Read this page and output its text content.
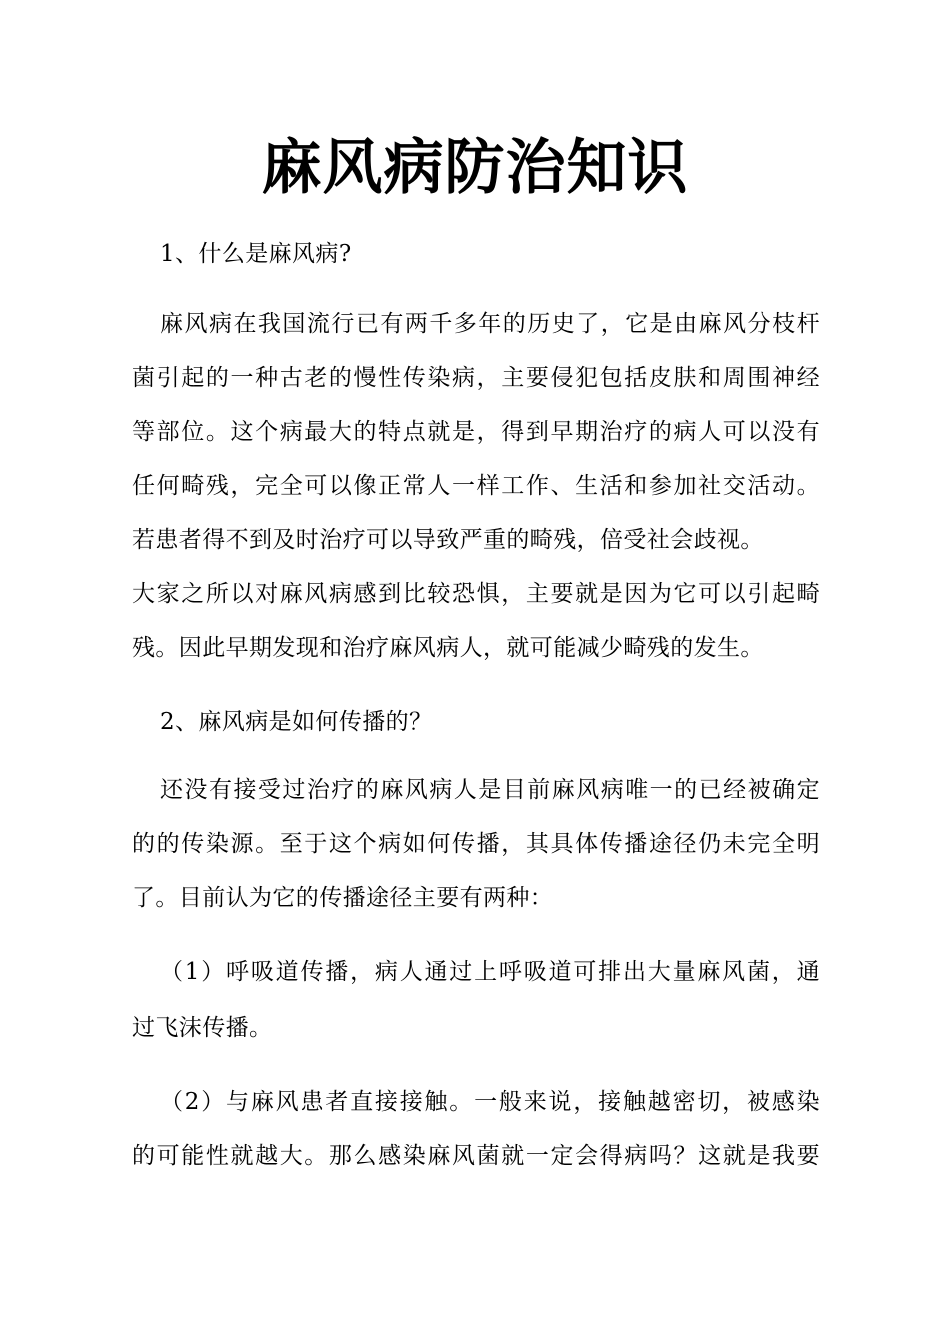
麻风病防治知识
1、什么是麻风病?
麻风病在我国流行已有两千多年的历史了，它是由麻风分枝杆
菌引起的一种古老的慢性传染病，主要侵犯包括皮肤和周围神经
等部位。这个病最大的特点就是，得到早期治疗的病人可以没有
任何畸残，完全可以像正常人一样工作、生活和参加社交活动。
若患者得不到及时治疗可以导致严重的畸残，倍受社会歧视。
大家之所以对麻风病感到比较恐惧，主要就是因为它可以引起畸
残。因此早期发现和治疗麻风病人，就可能减少畸残的发生。
2、麻风病是如何传播的？
还没有接受过治疗的麻风病人是目前麻风病唯一的已经被确定
的的传染源。至于这个病如何传播，其具体传播途径仍未完全明
了。目前认为它的传播途径主要有两种：
（1）呼吸道传播，病人通过上呼吸道可排出大量麻风菌，通
过飞沫传播。
（2）与麻风患者直接接触。一般来说，接触越密切，被感染
的可能性就越大。那么感染麻风菌就一定会得病吗？这就是我要
